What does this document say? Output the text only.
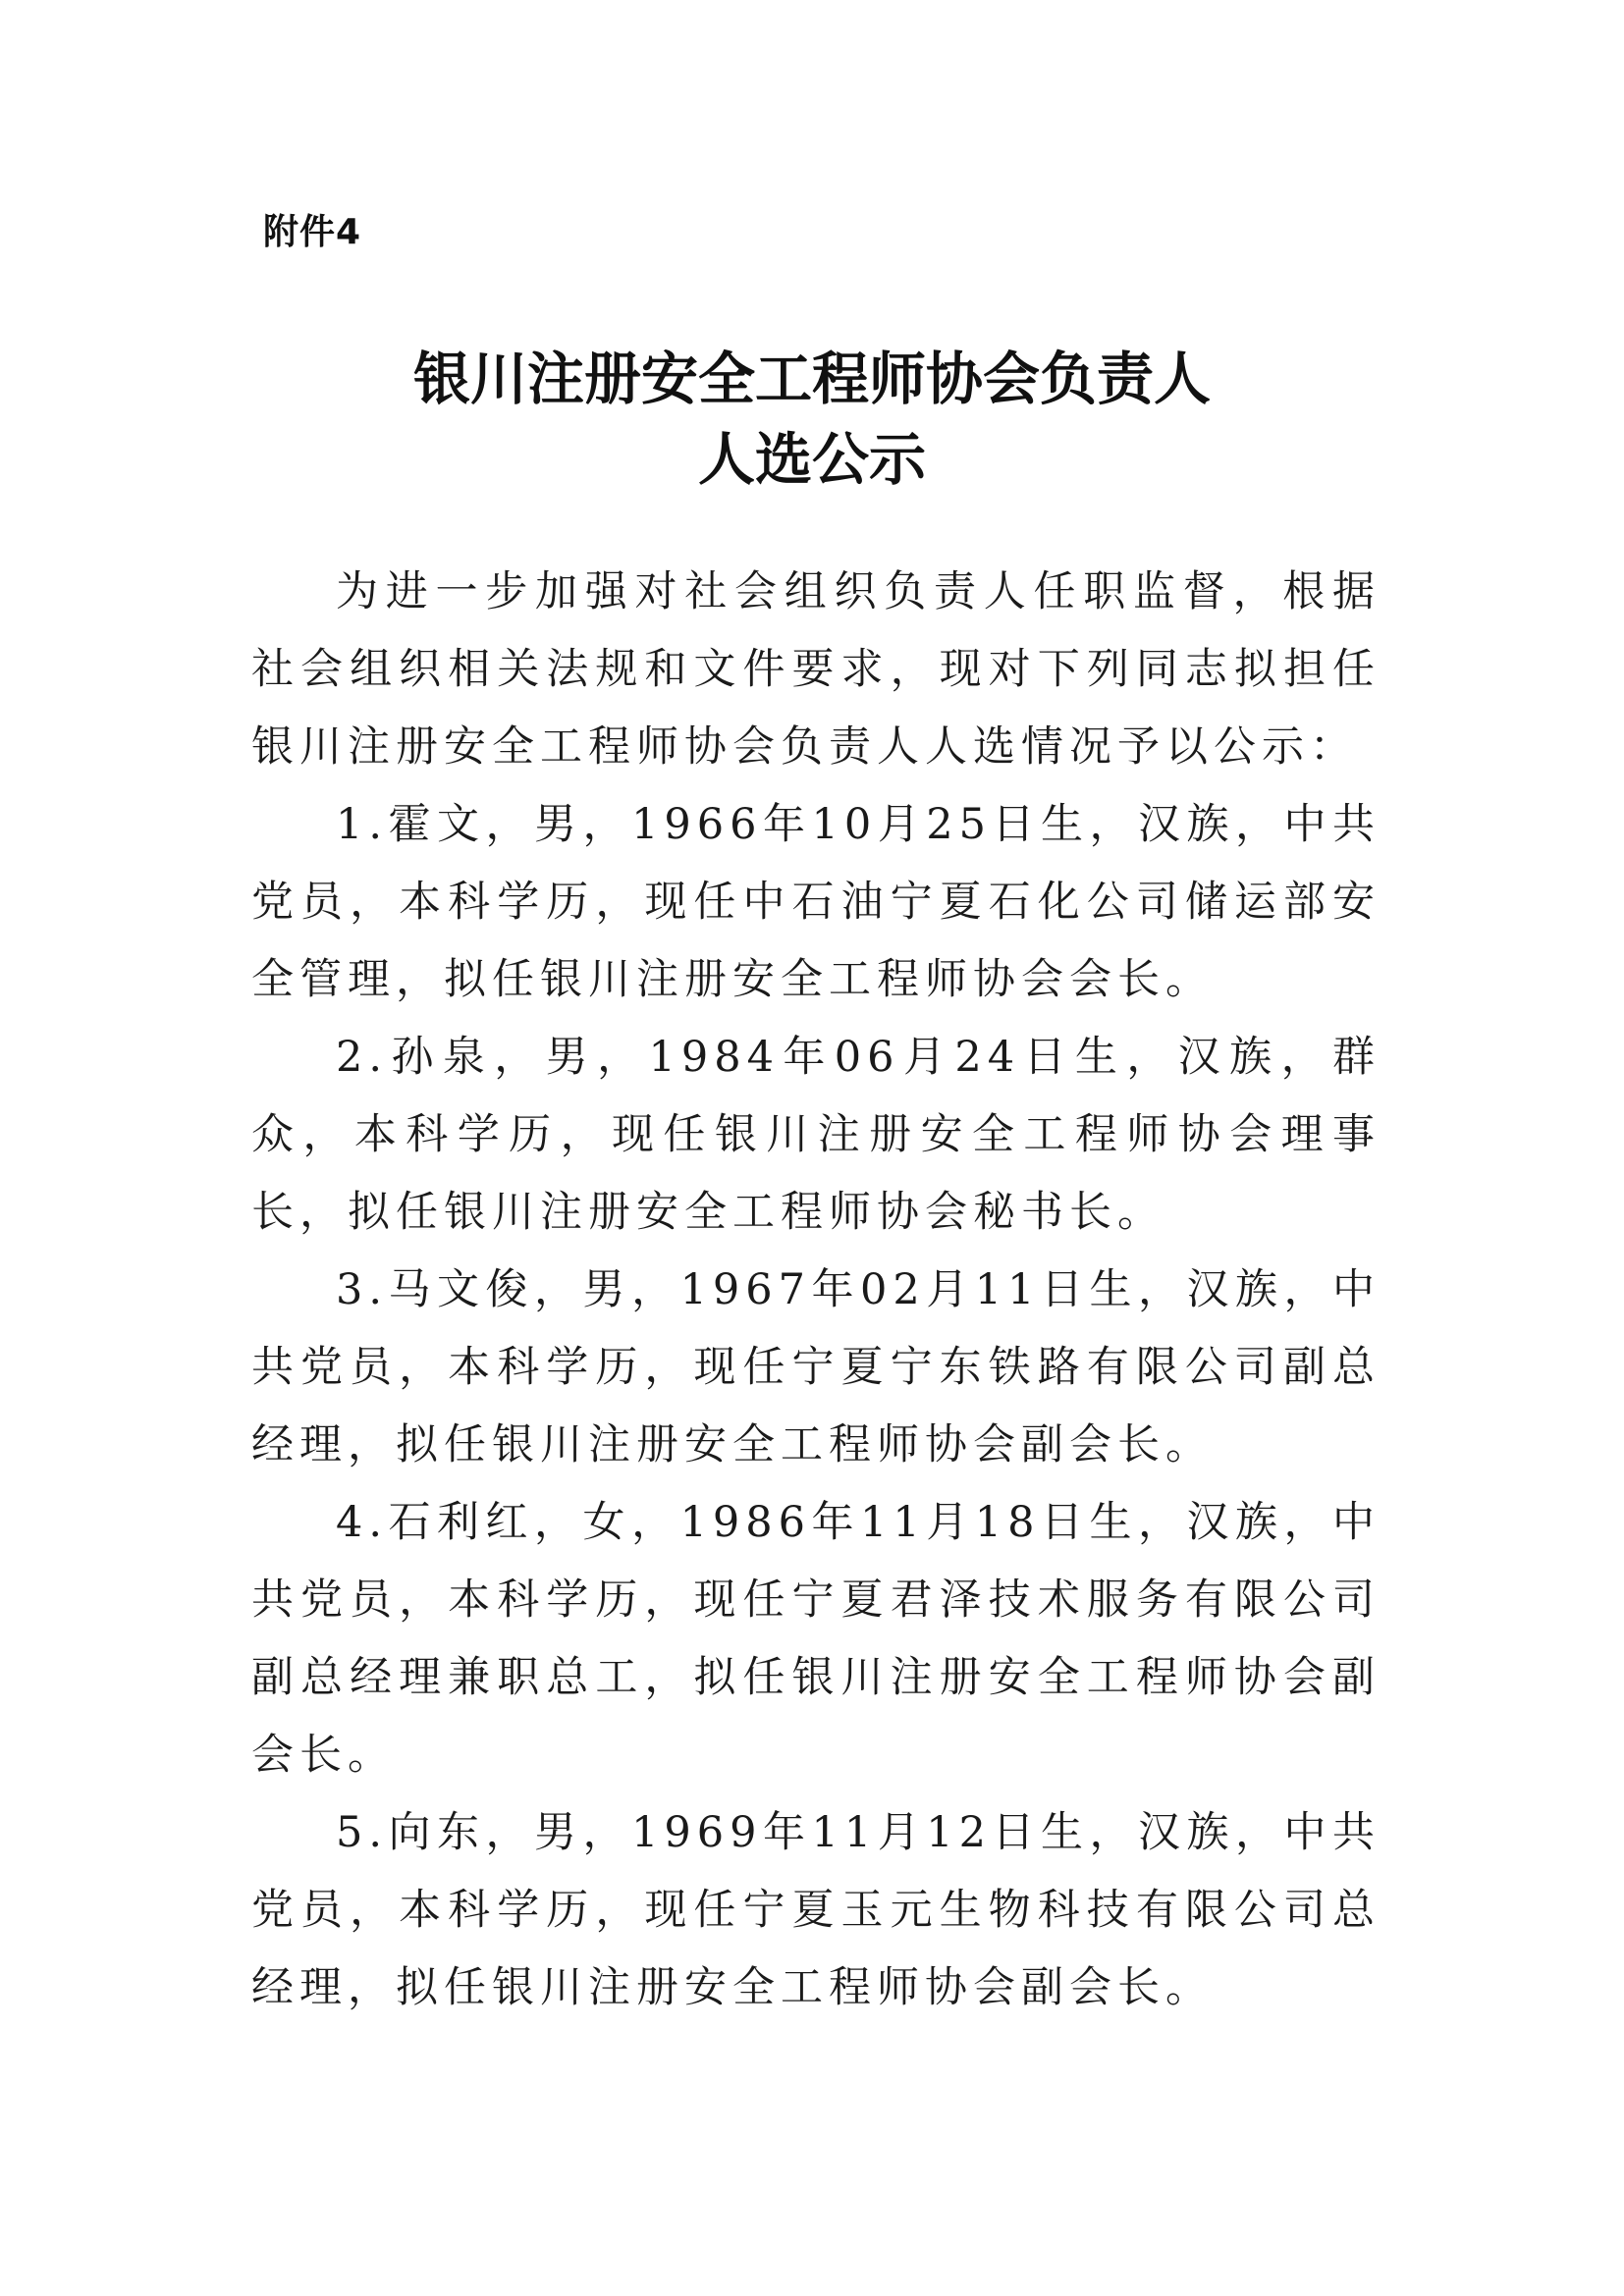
附件4
银川注册安全工程师协会负责人
人选公示

为进一步加强对社会组织负责人任职监督，根据社会组织相关法规和文件要求，现对下列同志拟担任银川注册安全工程师协会负责人人选情况予以公示：

1.霍文，男，1966年10月25日生，汉族，中共党员，本科学历，现任中石油宁夏石化公司储运部安全管理，拟任银川注册安全工程师协会会长。

2.孙泉，男，1984年06月24日生，汉族，群众，本科学历，现任银川注册安全工程师协会理事长，拟任银川注册安全工程师协会秘书长。

3.马文俊，男，1967年02月11日生，汉族，中共党员，本科学历，现任宁夏宁东铁路有限公司副总经理，拟任银川注册安全工程师协会副会长。

4.石利红，女，1986年11月18日生，汉族，中共党员，本科学历，现任宁夏君泽技术服务有限公司副总经理兼职总工，拟任银川注册安全工程师协会副会长。

5.向东，男，1969年11月12日生，汉族，中共党员，本科学历，现任宁夏玉元生物科技有限公司总经理，拟任银川注册安全工程师协会副会长。
